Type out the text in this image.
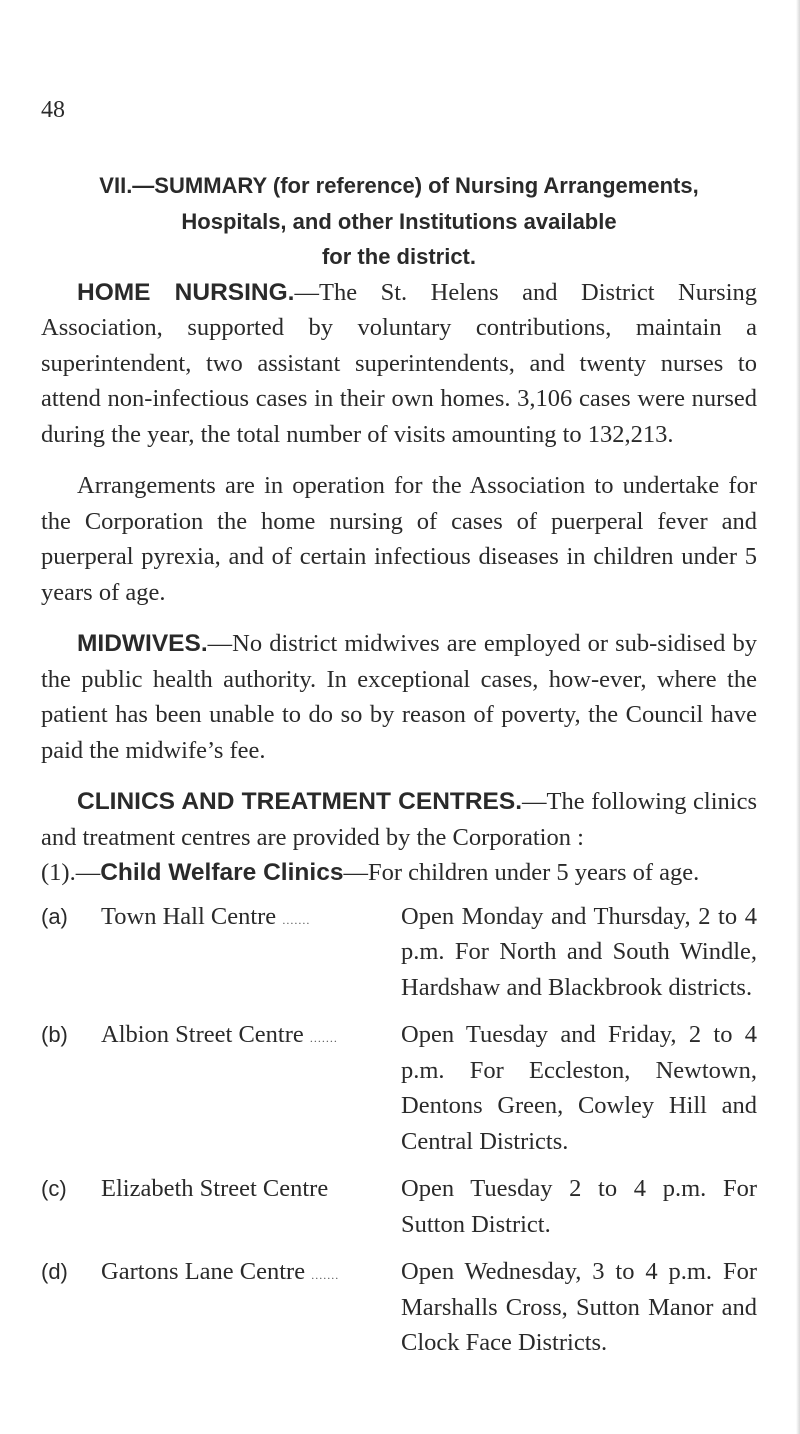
48

VII.—SUMMARY (for reference) of Nursing Arrangements,

Hospitals, and other Institutions available

for the district.

HOME NURSING.—The St. Helens and District Nursing Association, supported by voluntary contributions, maintain a superintendent, two assistant superintendents, and twenty nurses to attend non-infectious cases in their own homes. 3,106 cases were nursed during the year, the total number of visits amounting to 132,213.

Arrangements are in operation for the Association to undertake for the Corporation the home nursing of cases of puerperal fever and puerperal pyrexia, and of certain infectious diseases in children under 5 years of age.

MIDWIVES.—No district midwives are employed or sub-sidised by the public health authority. In exceptional cases, how-ever, where the patient has been unable to do so by reason of poverty, the Council have paid the midwife’s fee.

CLINICS AND TREATMENT CENTRES.—The following clinics and treatment centres are provided by the Corporation :

(1).—Child Welfare Clinics—For children under 5 years of age.

(a)	Town Hall Centre .......	Open Monday and Thursday, 2 to 4 p.m. For North and South Windle, Hardshaw and Blackbrook districts.
(b)	Albion Street Centre .......	Open Tuesday and Friday, 2 to 4 p.m. For Eccleston, Newtown, Dentons Green, Cowley Hill and Central Districts.
(c)	Elizabeth Street Centre	Open Tuesday 2 to 4 p.m. For Sutton District.
(d)	Gartons Lane Centre .......	Open Wednesday, 3 to 4 p.m. For Marshalls Cross, Sutton Manor and Clock Face Districts.
